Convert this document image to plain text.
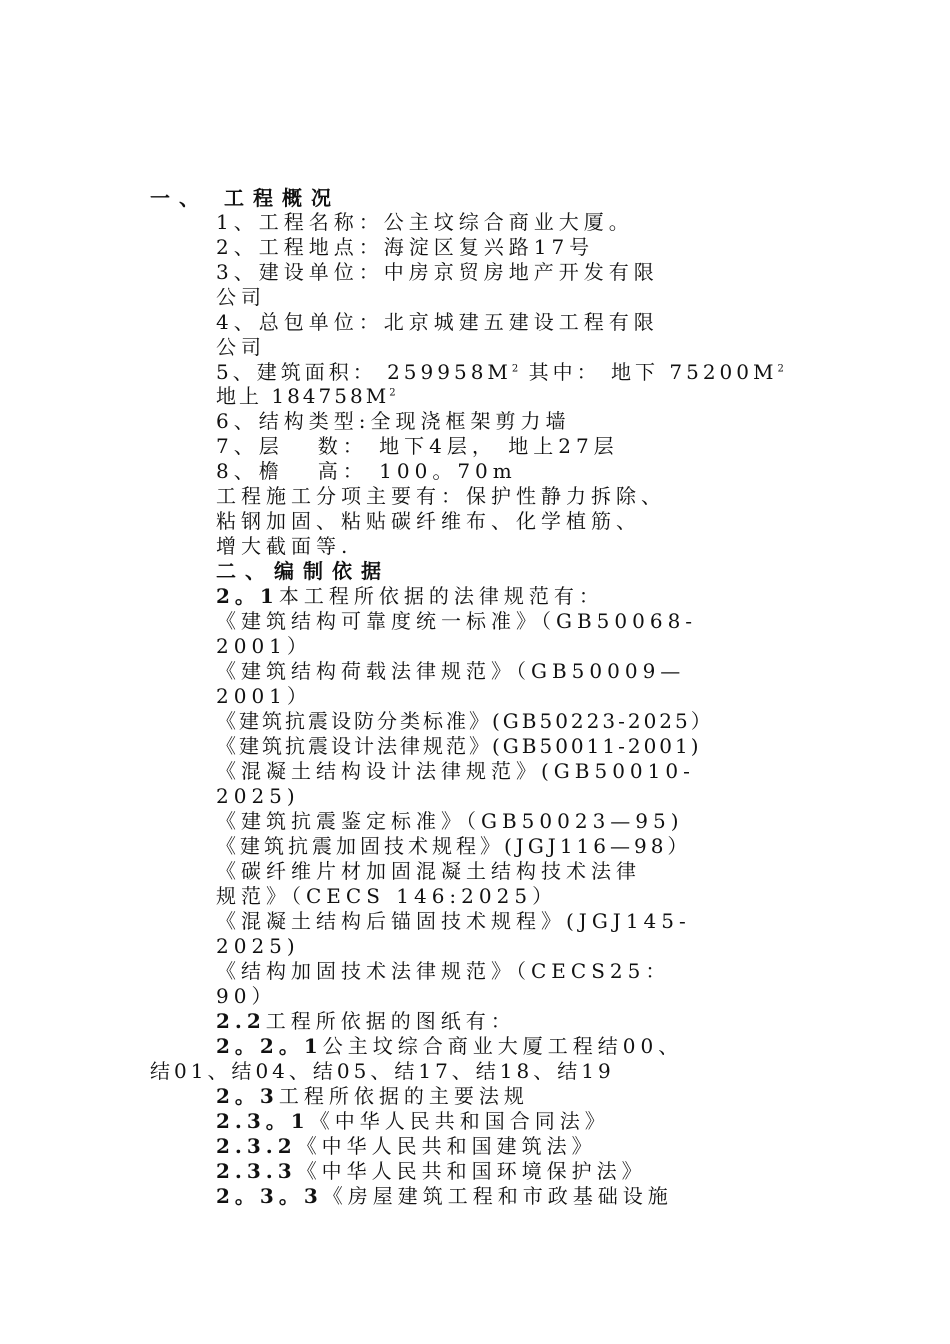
一、 工程概况
1、工程名称：公主坟综合商业大厦。
2、工程地点：海淀区复兴路17号
3、建设单位：中房京贸房地产开发有限
公司
4、总包单位：北京城建五建设工程有限
公司
5、建筑面积： $259958M^2$ 其中： 地下 $75200M^2$
地上 $184758M^2$
6、结构类型:全现浇框架剪力墙
7、层   数： 地下4层， 地上27层
8、檐   高： 100。70m
工程施工分项主要有：保护性静力拆除、
粘钢加固、粘贴碳纤维布、化学植筋、
增大截面等.
二、编制依据
2。1本工程所依据的法律规范有：
《建筑结构可靠度统一标准》（GB50068-
2001）
《建筑结构荷载法律规范》（GB50009—
2001）
《建筑抗震设防分类标准》(GB50223-2025）
《建筑抗震设计法律规范》(GB50011-2001)
《混凝土结构设计法律规范》(GB50010-
2025)
《建筑抗震鉴定标准》（GB50023—95)
《建筑抗震加固技术规程》(JGJ116—98）
《碳纤维片材加固混凝土结构技术法律
规范》（CECS 146:2025）
《混凝土结构后锚固技术规程》(JGJ145-
2025)
《结构加固技术法律规范》（CECS25：
90）
2.2工程所依据的图纸有：
2。2。1公主坟综合商业大厦工程结00、
结01、结04、结05、结17、结18、结19
2。3工程所依据的主要法规
2.3。1《中华人民共和国合同法》
2.3.2《中华人民共和国建筑法》
2.3.3《中华人民共和国环境保护法》
2。3。3《房屋建筑工程和市政基础设施
